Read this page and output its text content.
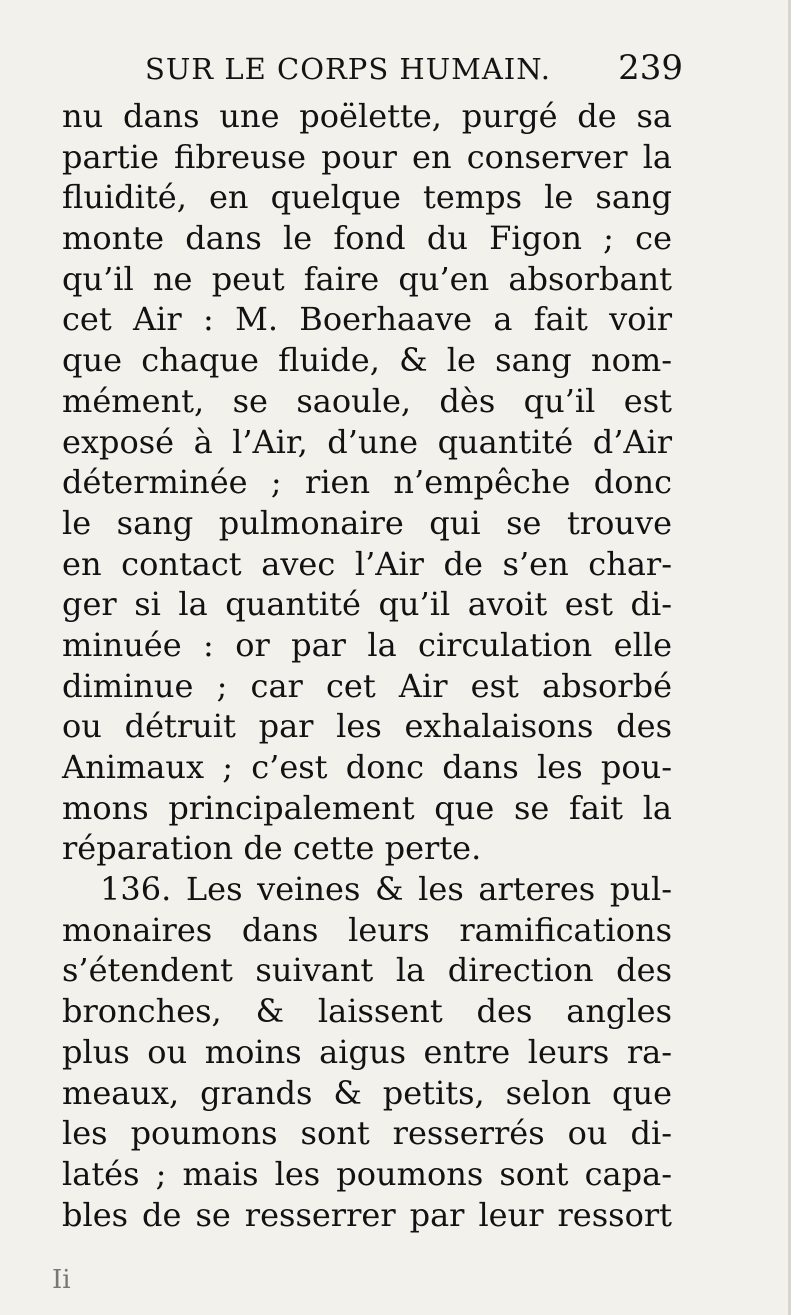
SUR LE CORPS HUMAIN. 239
nu dans une poëlette, purgé de sa
partie fibreuse pour en conserver la
fluidité, en quelque temps le sang
monte dans le fond du Figon ; ce
qu’il ne peut faire qu’en absorbant
cet Air : M. Boerhaave a fait voir
que chaque fluide, & le sang nom-
mément, se saoule, dès qu’il est
exposé à l’Air, d’une quantité d’Air
déterminée ; rien n’empêche donc
le sang pulmonaire qui se trouve
en contact avec l’Air de s’en char-
ger si la quantité qu’il avoit est di-
minuée : or par la circulation elle
diminue ; car cet Air est absorbé
ou détruit par les exhalaisons des
Animaux ; c’est donc dans les pou-
mons principalement que se fait la
réparation de cette perte.
136. Les veines & les arteres pul-
monaires dans leurs ramifications
s’étendent suivant la direction des
bronches, & laissent des angles
plus ou moins aigus entre leurs ra-
meaux, grands & petits, selon que
les poumons sont resserrés ou di-
latés ; mais les poumons sont capa-
bles de se resserrer par leur ressort
Ii
